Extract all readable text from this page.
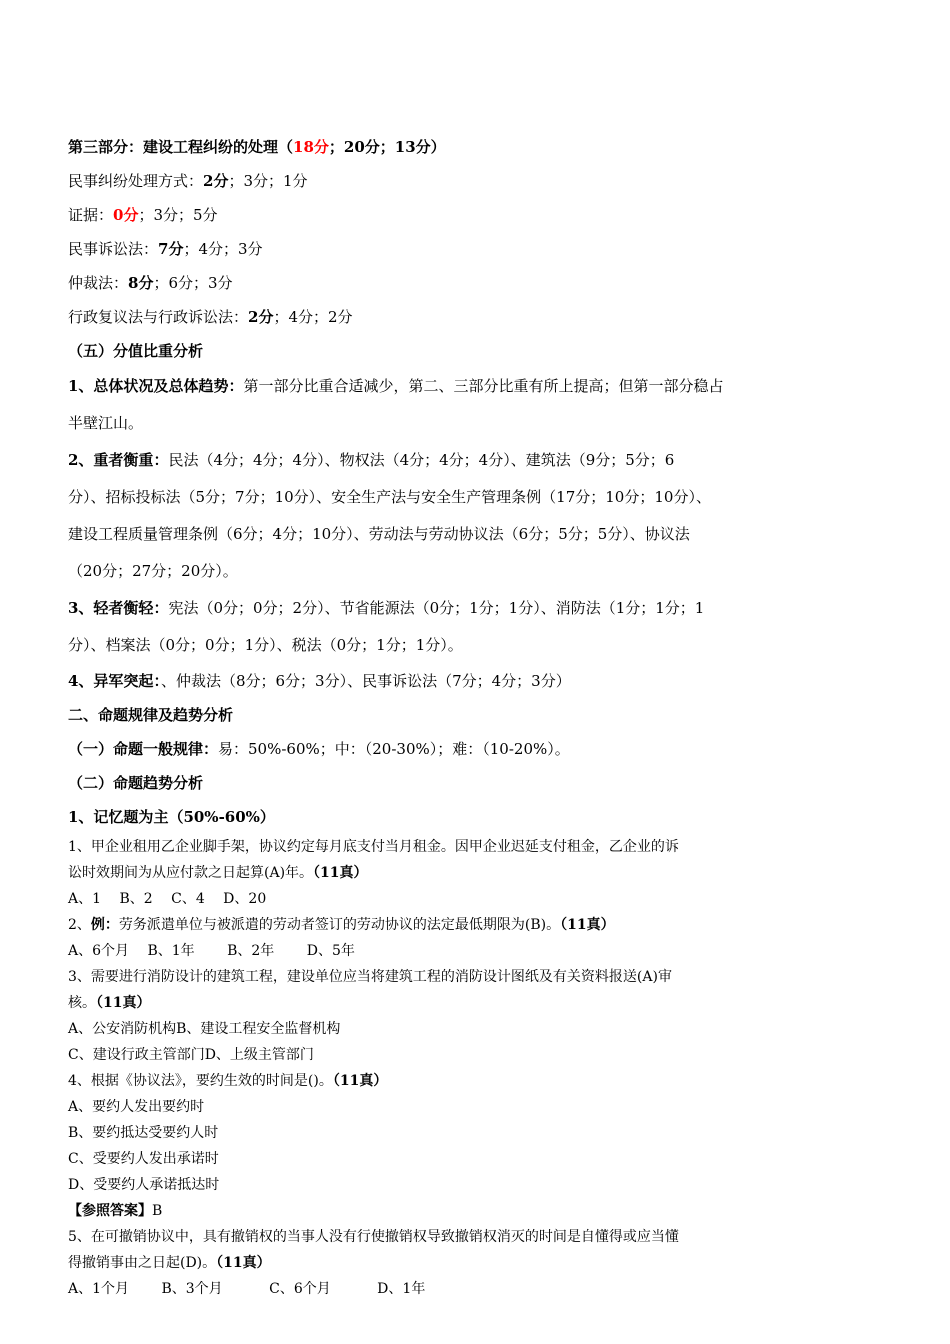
第三部分：建设工程纠纷的处理（18分；20分；13分）
民事纠纷处理方式：2分；3分；1分
证据：0分；3分；5分
民事诉讼法：7分；4分；3分
仲裁法：8分；6分；3分
行政复议法与行政诉讼法：2分；4分；2分
（五）分值比重分析
1、总体状况及总体趋势：第一部分比重合适减少，第二、三部分比重有所上提高；但第一部分稳占
半壁江山。
2、重者衡重：民法（4分；4分；4分）、物权法（4分；4分；4分）、建筑法（9分；5分；6
分）、招标投标法（5分；7分；10分）、安全生产法与安全生产管理条例（17分；10分；10分）、
建设工程质量管理条例（6分；4分；10分）、劳动法与劳动协议法（6分；5分；5分）、协议法
（20分；27分；20分）。
3、轻者衡轻：宪法（0分；0分；2分）、节省能源法（0分；1分；1分）、消防法（1分；1分；1
分）、档案法（0分；0分；1分）、税法（0分；1分；1分）。
4、异军突起：、仲裁法（8分；6分；3分）、民事诉讼法（7分；4分；3分）
二、命题规律及趋势分析
（一）命题一般规律：易：50%-60%；中：（20-30%）；难：（10-20%）。
（二）命题趋势分析
1、记忆题为主（50%-60%）
1、甲企业租用乙企业脚手架，协议约定每月底支付当月租金。因甲企业迟延支付租金，乙企业的诉
讼时效期间为从应付款之日起算(A)年。（11真）
A、1　 B、2　 C、4　 D、20
2、例：劳务派遣单位与被派遣的劳动者签订的劳动协议的法定最低期限为(B)。（11真）
A、6个月　 B、1年　　 B、2年　　 D、5年
3、需要进行消防设计的建筑工程，建设单位应当将建筑工程的消防设计图纸及有关资料报送(A)审
核。（11真）
A、公安消防机构B、建设工程安全监督机构
C、建设行政主管部门D、上级主管部门
4、根据《协议法》，要约生效的时间是()。（11真）
A、要约人发出要约时
B、要约抵达受要约人时
C、受要约人发出承诺时
D、受要约人承诺抵达时
【参照答案】B
5、在可撤销协议中，具有撤销权的当事人没有行使撤销权导致撤销权消灭的时间是自懂得或应当懂
得撤销事由之日起(D)。（11真）
A、1个月　　 B、3个月　　　 C、6个月　　　 D、1年
